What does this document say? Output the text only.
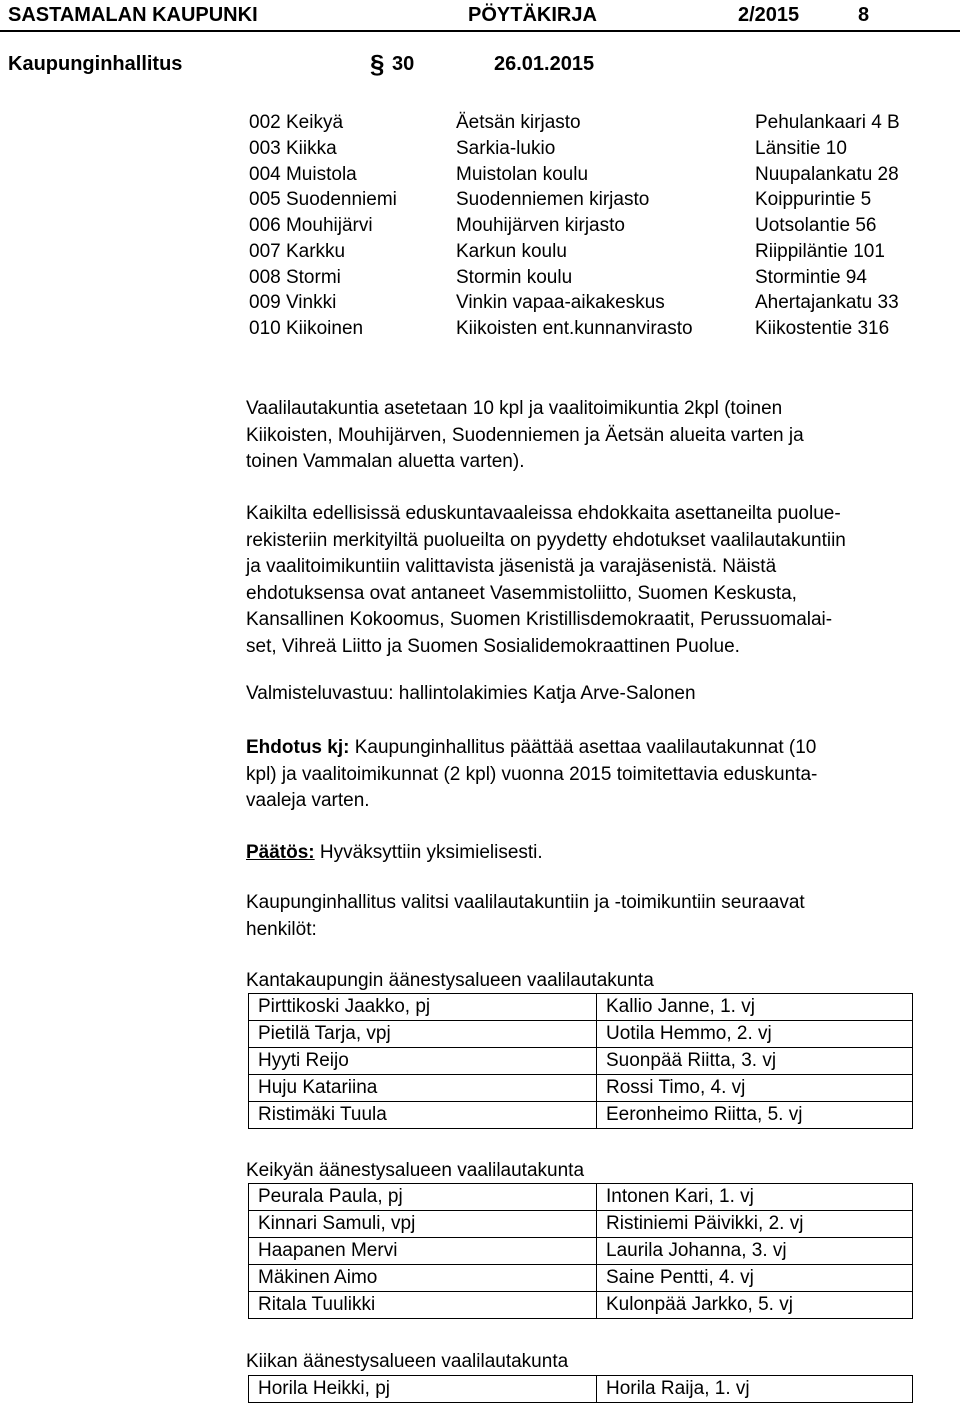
SASTAMALAN KAUPUNKI	PÖYTÄKIRJA	2/2015	8
Kaupunginhallitus	§ 30	26.01.2015
002 Keikyä	Äetsän kirjasto	Pehulankaari 4 B
003 Kiikka	Sarkia-lukio	Länsitie 10
004 Muistola	Muistolan koulu	Nuupalankatu 28
005 Suodenniemi	Suodenniemen kirjasto	Koippurintie 5
006 Mouhijärvi	Mouhijärven kirjasto	Uotsolantie 56
007 Karkku	Karkun koulu	Riippiläntie 101
008 Stormi	Stormin koulu	Stormintie 94
009 Vinkki	Vinkin vapaa-aikakeskus	Ahertajankatu 33
010 Kiikoinen	Kiikoisten ent.kunnanvirasto	Kiikostentie 316
Vaalilautakuntia asetetaan 10 kpl ja vaalitoimikuntia 2kpl (toinen
Kiikoisten, Mouhijärven, Suodenniemen ja Äetsän alueita varten ja
toinen Vammalan aluetta varten).
Kaikilta edellisissä eduskuntavaaleissa ehdokkaita asettaneilta puolue-
rekisteriin merkityiltä puolueilta on pyydetty ehdotukset vaalilautakuntiin
ja vaalitoimikuntiin valittavista jäsenistä ja varajäsenistä. Näistä
ehdotuksensa ovat antaneet Vasemmistoliitto, Suomen Keskusta,
Kansallinen Kokoomus, Suomen Kristillisdemokraatit, Perussuomalai-
set, Vihreä Liitto ja Suomen Sosialidemokraattinen Puolue.
Valmisteluvastuu: hallintolakimies Katja Arve-Salonen
Ehdotus kj: Kaupunginhallitus päättää asettaa vaalilautakunnat (10
kpl) ja vaalitoimikunnat (2 kpl) vuonna 2015 toimitettavia eduskunta-
vaaleja varten.
Päätös: Hyväksyttiin yksimielisesti.
Kaupunginhallitus valitsi vaalilautakuntiin ja -toimikuntiin seuraavat
henkilöt:
Kantakaupungin äänestysalueen vaalilautakunta
Pirttikoski Jaakko, pj	Kallio Janne, 1. vj
Pietilä Tarja, vpj	Uotila Hemmo, 2. vj
Hyyti Reijo	Suonpää Riitta, 3. vj
Huju Katariina	Rossi Timo, 4. vj
Ristimäki Tuula	Eeronheimo Riitta, 5. vj
Keikyän äänestysalueen vaalilautakunta
Peurala Paula, pj	Intonen Kari, 1. vj
Kinnari Samuli, vpj	Ristiniemi Päivikki, 2. vj
Haapanen Mervi	Laurila Johanna, 3. vj
Mäkinen Aimo	Saine Pentti, 4. vj
Ritala Tuulikki	Kulonpää Jarkko, 5. vj
Kiikan äänestysalueen vaalilautakunta
Horila Heikki, pj	Horila Raija, 1. vj
